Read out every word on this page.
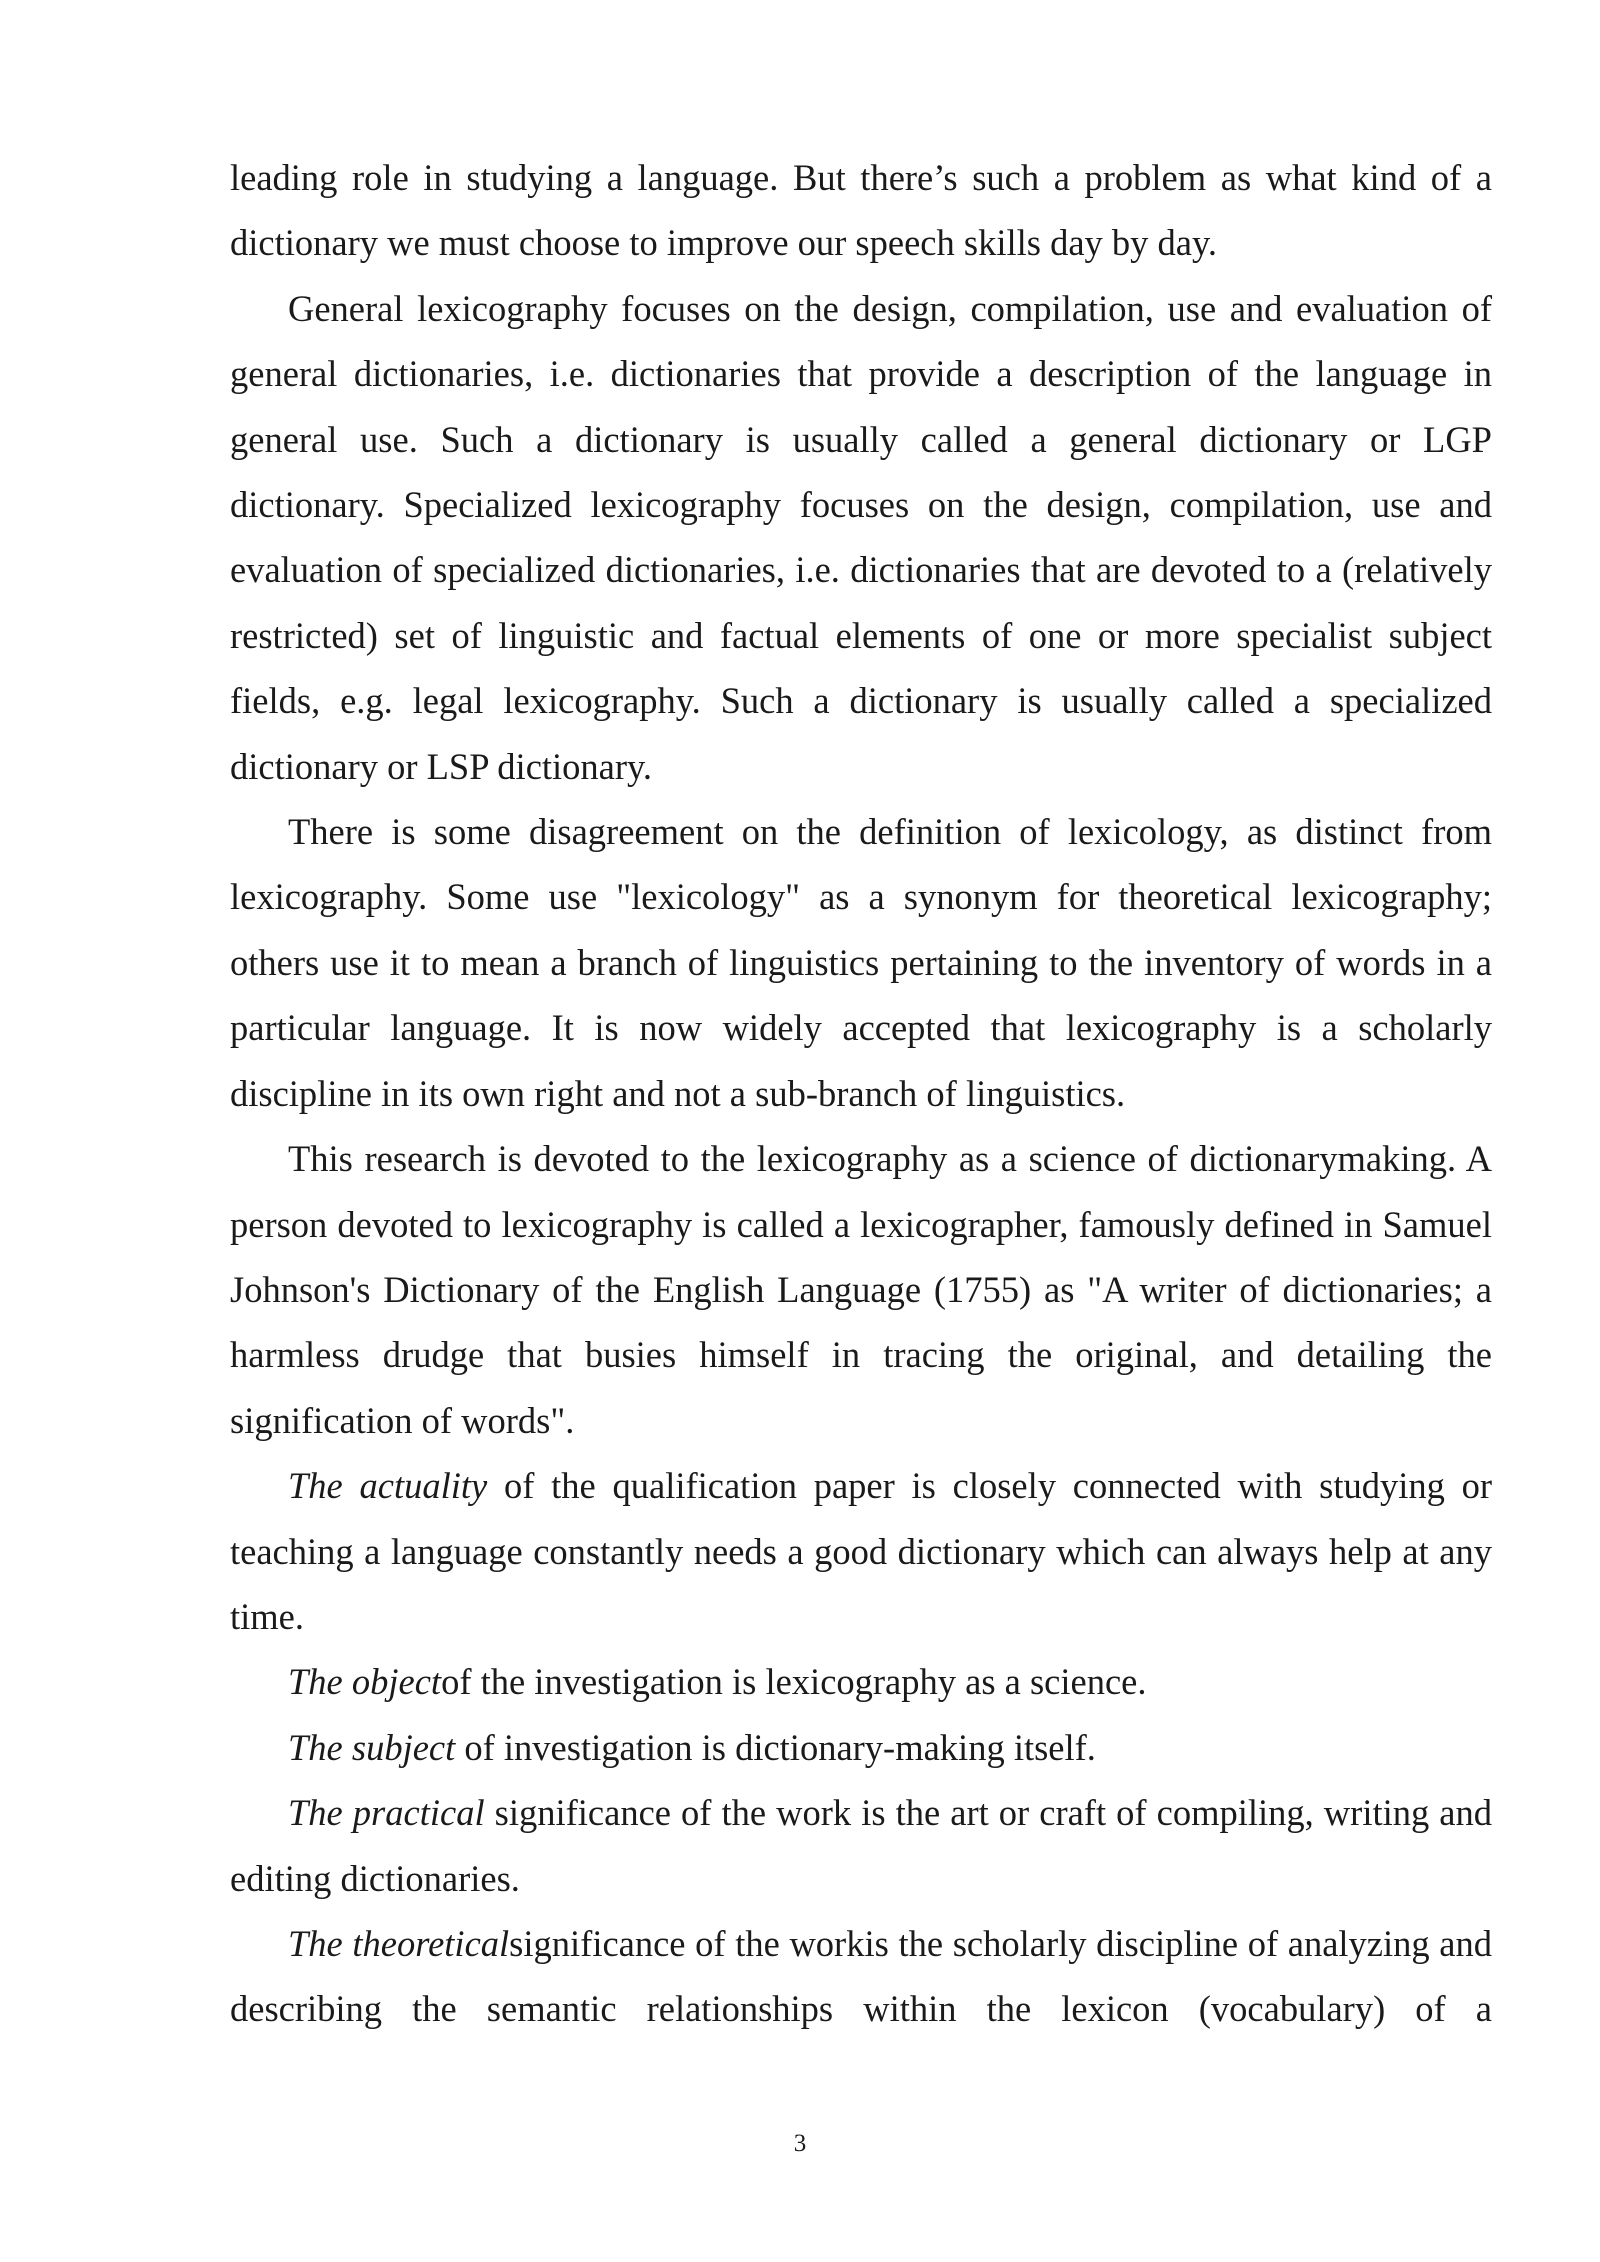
leading role in studying a language. But there’s such a problem as what kind of a dictionary we must choose to improve our speech skills day by day.

General lexicography focuses on the design, compilation, use and evaluation of general dictionaries, i.e. dictionaries that provide a description of the language in general use. Such a dictionary is usually called a general dictionary or LGP dictionary. Specialized lexicography focuses on the design, compilation, use and evaluation of specialized dictionaries, i.e. dictionaries that are devoted to a (relatively restricted) set of linguistic and factual elements of one or more specialist subject fields, e.g. legal lexicography. Such a dictionary is usually called a specialized dictionary or LSP dictionary.

There is some disagreement on the definition of lexicology, as distinct from lexicography. Some use "lexicology" as a synonym for theoretical lexicography; others use it to mean a branch of linguistics pertaining to the inventory of words in a particular language. It is now widely accepted that lexicography is a scholarly discipline in its own right and not a sub-branch of linguistics.

This research is devoted to the lexicography as a science of dictionarymaking. A person devoted to lexicography is called a lexicographer, famously defined in Samuel Johnson's Dictionary of the English Language (1755) as "A writer of dictionaries; a harmless drudge that busies himself in tracing the original, and detailing the signification of words".

The actuality of the qualification paper is closely connected with studying or teaching a language constantly needs a good dictionary which can always help at any time.

The objectof the investigation is lexicography as a science.

The subject of investigation is dictionary-making itself.

The practical significance of the work is the art or craft of compiling, writing and editing dictionaries.

The theoreticalsignificance of the workis the scholarly discipline of analyzing and describing the semantic relationships within the lexicon (vocabulary) of a

3
